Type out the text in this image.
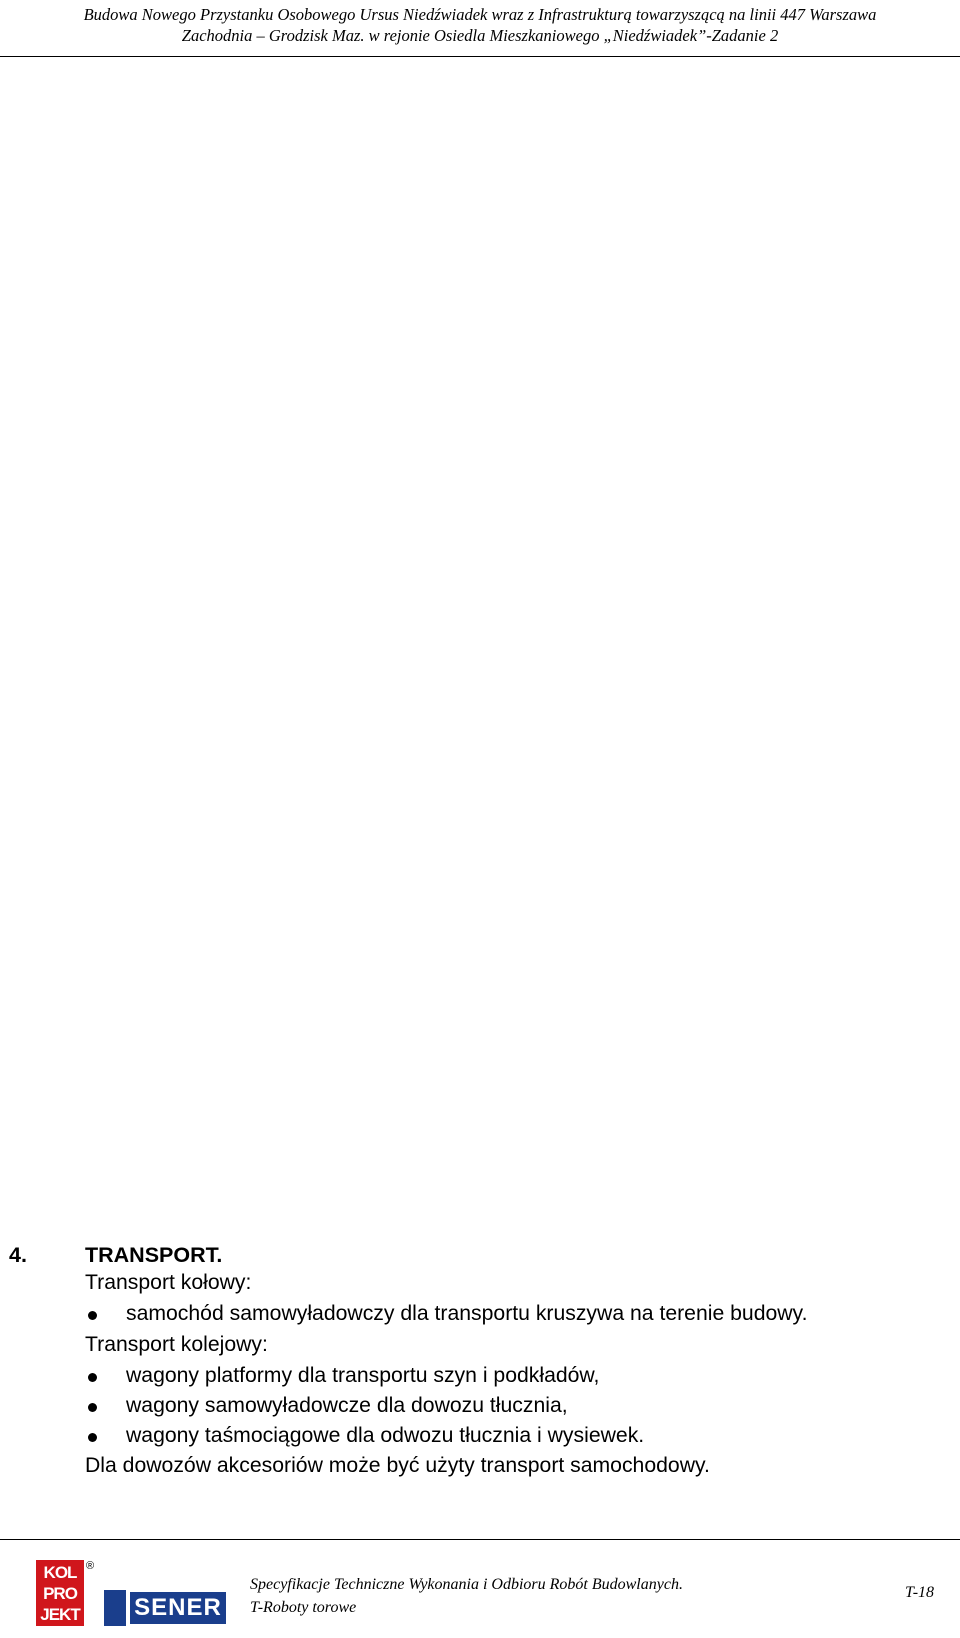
Budowa Nowego Przystanku Osobowego Ursus Niedźwiadek wraz z Infrastrukturą towarzyszącą na linii 447 Warszawa
Zachodnia – Grodzisk Maz. w rejonie Osiedla Mieszkaniowego „Niedźwiadek”-Zadanie 2
4.	TRANSPORT.
Transport kołowy:
samochód samowyładowczy dla transportu kruszywa na terenie budowy.
Transport kolejowy:
wagony platformy dla transportu szyn i podkładów,
wagony samowyładowcze dla dowozu tłucznia,
wagony taśmociągowe dla odwozu tłucznia i wysiewek.
Dla dowozów akcesoriów może być użyty transport samochodowy.
KOL PRO JEKT
®
SENER
Specyfikacje Techniczne Wykonania i Odbioru Robót Budowlanych.
T-Roboty torowe
T-18
